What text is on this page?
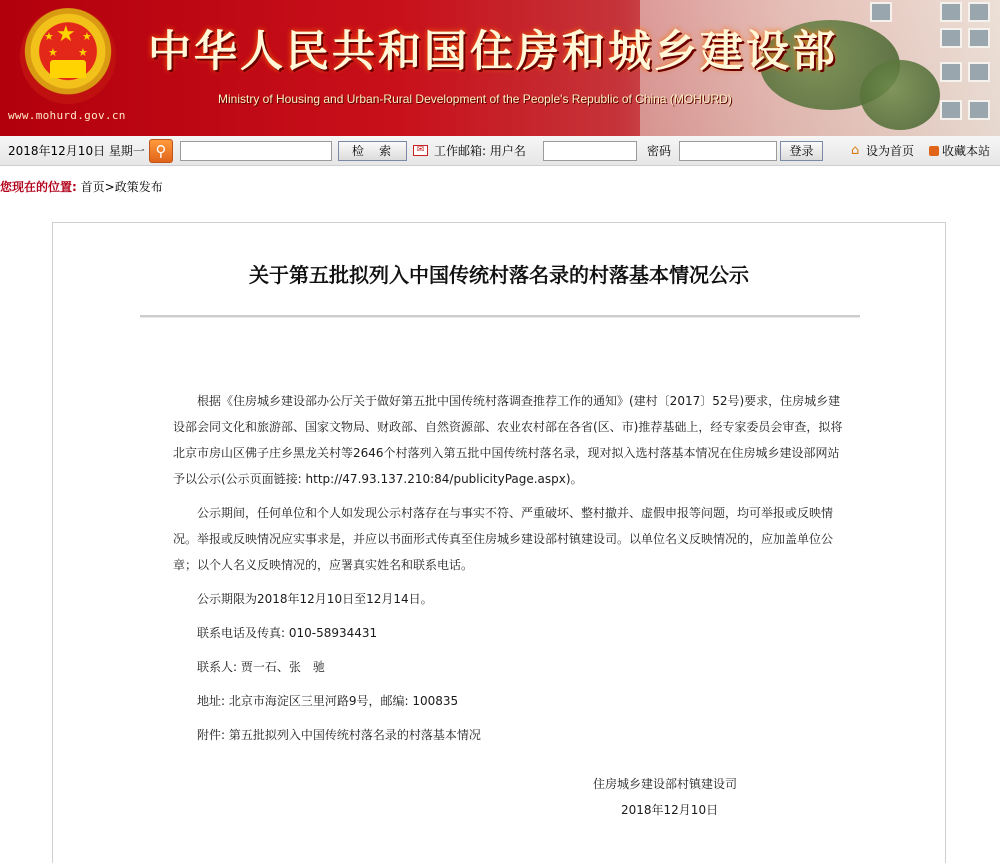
★
★	★
★ ★
www.mohurd.gov.cn
中华人民共和国住房和城乡建设部
Ministry of Housing and Urban-Rural Development of the People's Republic of China (MOHURD)
2018年12月10日 星期一 ⚲	检 索	✉ 工作邮箱: 用户名	密码	登录	⌂ 设为首页 收藏本站
您现在的位置: 首页>政策发布
关于第五批拟列入中国传统村落名录的村落基本情况公示

根据《住房城乡建设部办公厅关于做好第五批中国传统村落调查推荐工作的通知》(建村〔2017〕52号)要求，住房城乡建设部会同文化和旅游部、国家文物局、财政部、自然资源部、农业农村部在各省(区、市)推荐基础上，经专家委员会审查，拟将北京市房山区佛子庄乡黑龙关村等2646个村落列入第五批中国传统村落名录，现对拟入选村落基本情况在住房城乡建设部网站予以公示(公示页面链接: http://47.93.137.210:84/publicityPage.aspx)。

公示期间，任何单位和个人如发现公示村落存在与事实不符、严重破坏、整村撤并、虚假申报等问题，均可举报或反映情况。举报或反映情况应实事求是，并应以书面形式传真至住房城乡建设部村镇建设司。以单位名义反映情况的，应加盖单位公章；以个人名义反映情况的，应署真实姓名和联系电话。

公示期限为2018年12月10日至12月14日。

联系电话及传真: 010-58934431

联系人: 贾一石、张　驰

地址: 北京市海淀区三里河路9号，邮编: 100835

附件: 第五批拟列入中国传统村落名录的村落基本情况

住房城乡建设部村镇建设司
2018年12月10日
